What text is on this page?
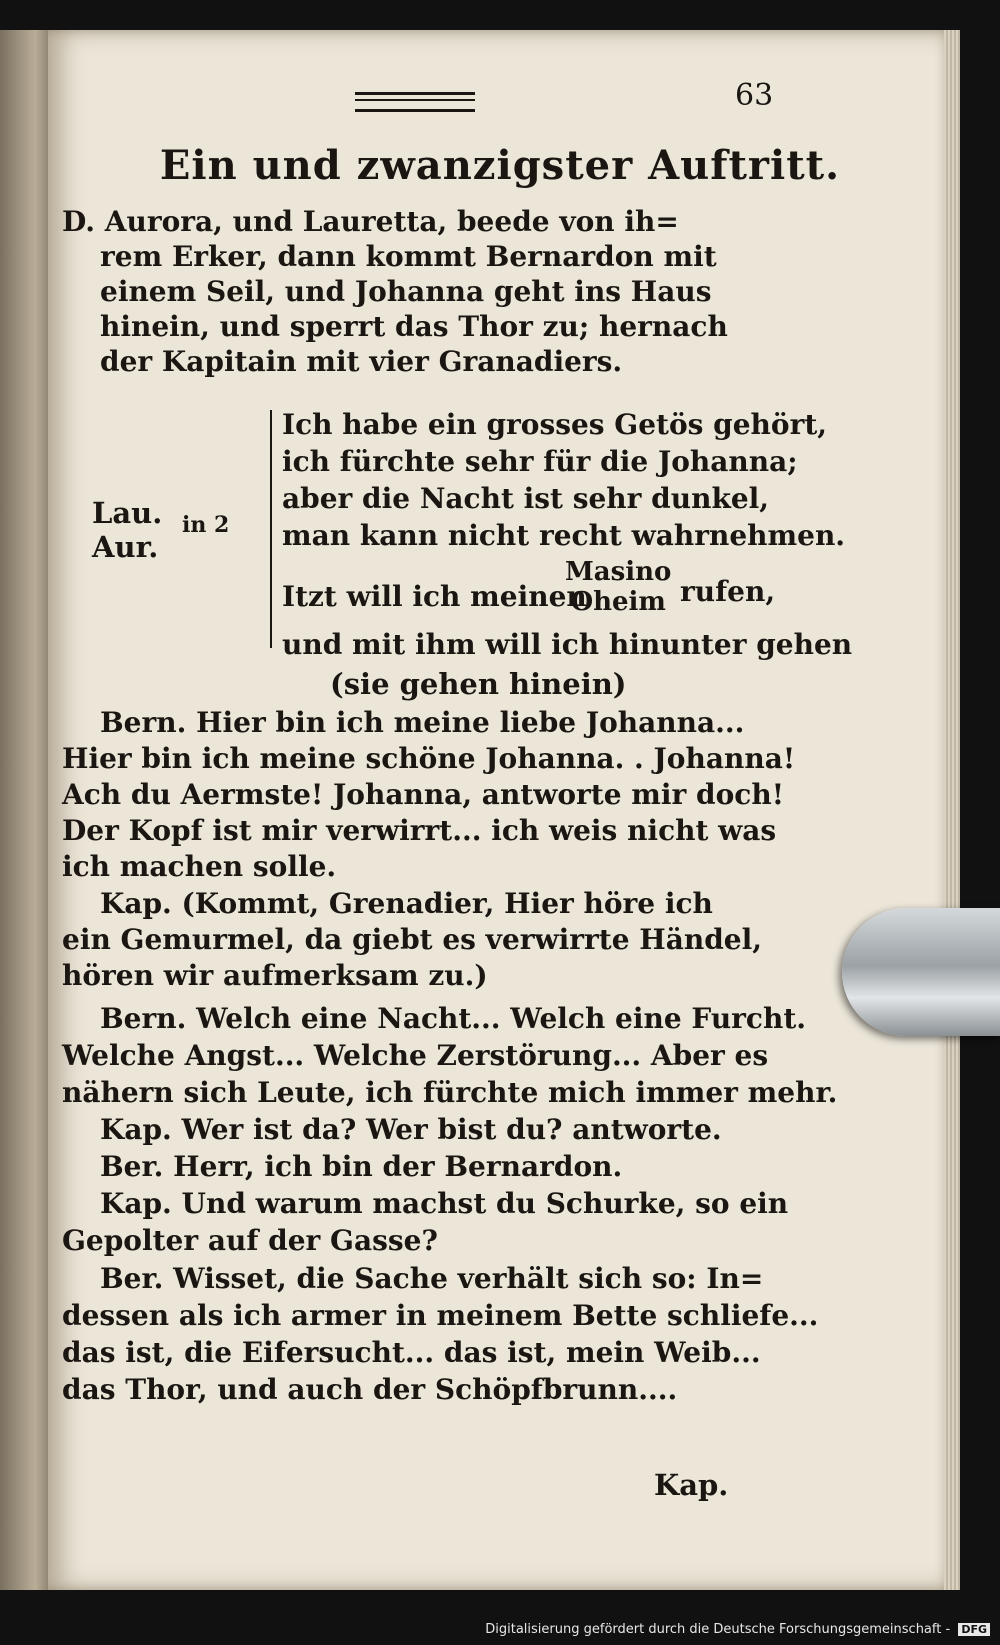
63
Ein und zwanzigster Auftritt.
D. Aurora, und Lauretta, beede von ih=
rem Erker, dann kommt Bernardon mit
einem Seil, und Johanna geht ins Haus
hinein, und sperrt das Thor zu; hernach
der Kapitain mit vier Granadiers.
Lau.
Aur.
in 2
Ich habe ein grosses Getös gehört,
ich fürchte sehr für die Johanna;
aber die Nacht ist sehr dunkel,
man kann nicht recht wahrnehmen.
Itzt will ich meinen
Masino
Oheim rufen,
und mit ihm will ich hinunter gehen
(sie gehen hinein)
Bern. Hier bin ich meine liebe Johanna...
Hier bin ich meine schöne Johanna. . Johanna!
Ach du Aermste! Johanna, antworte mir doch!
Der Kopf ist mir verwirrt... ich weis nicht was
ich machen solle.
Kap. (Kommt, Grenadier, Hier höre ich
ein Gemurmel, da giebt es verwirrte Händel,
hören wir aufmerksam zu.)
Bern. Welch eine Nacht... Welch eine Furcht.
Welche Angst... Welche Zerstörung... Aber es
nähern sich Leute, ich fürchte mich immer mehr.
Kap. Wer ist da? Wer bist du? antworte.
Ber. Herr, ich bin der Bernardon.
Kap. Und warum machst du Schurke, so ein
Gepolter auf der Gasse?
Ber. Wisset, die Sache verhält sich so: In=
dessen als ich armer in meinem Bette schliefe...
das ist, die Eifersucht... das ist, mein Weib...
das Thor, und auch der Schöpfbrunn....
Kap.
Digitalisierung gefördert durch die Deutsche Forschungsgemeinschaft - DFG
